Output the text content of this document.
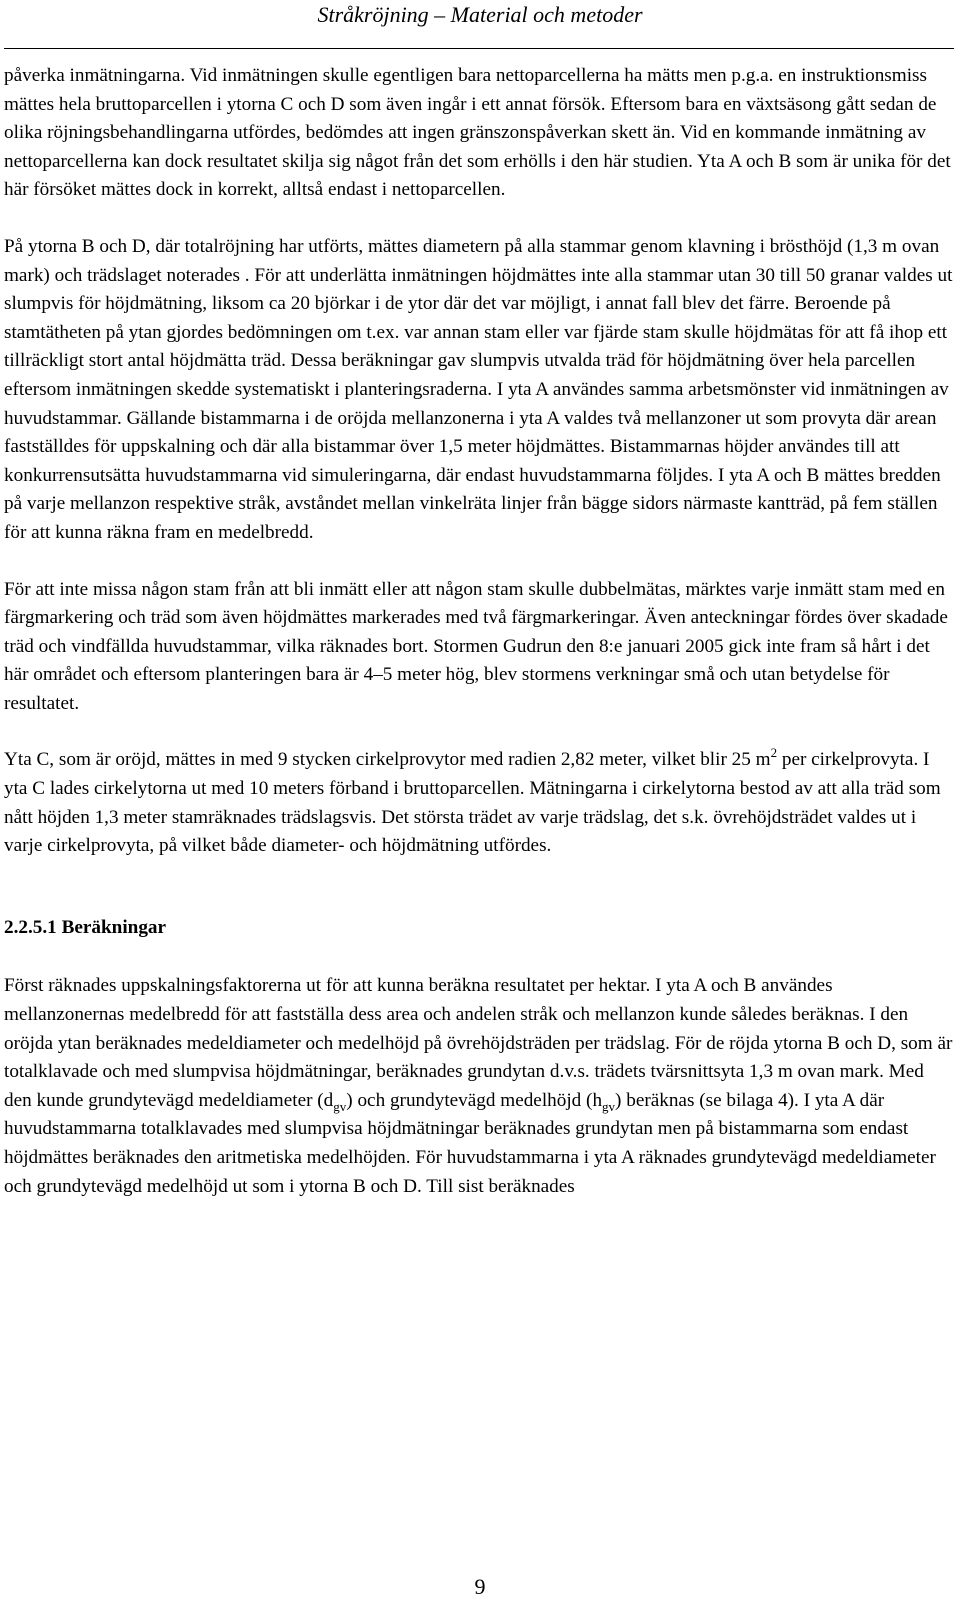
Stråkröjning – Material och metoder

påverka inmätningarna. Vid inmätningen skulle egentligen bara nettoparcellerna ha mätts men p.g.a. en instruktionsmiss mättes hela bruttoparcellen i ytorna C och D som även ingår i ett annat försök. Eftersom bara en växtsäsong gått sedan de olika röjningsbehandlingarna utfördes, bedömdes att ingen gränszonspåverkan skett än. Vid en kommande inmätning av nettoparcellerna kan dock resultatet skilja sig något från det som erhölls i den här studien. Yta A och B som är unika för det här försöket mättes dock in korrekt, alltså endast i nettoparcellen.

På ytorna B och D, där totalröjning har utförts, mättes diametern på alla stammar genom klavning i brösthöjd (1,3 m ovan mark) och trädslaget noterades . För att underlätta inmätningen höjdmättes inte alla stammar utan 30 till 50 granar valdes ut slumpvis för höjdmätning, liksom ca 20 björkar i de ytor där det var möjligt, i annat fall blev det färre. Beroende på stamtätheten på ytan gjordes bedömningen om t.ex. var annan stam eller var fjärde stam skulle höjdmätas för att få ihop ett tillräckligt stort antal höjdmätta träd. Dessa beräkningar gav slumpvis utvalda träd för höjdmätning över hela parcellen eftersom inmätningen skedde systematiskt i planteringsraderna. I yta A användes samma arbetsmönster vid inmätningen av huvudstammar. Gällande bistammarna i de oröjda mellanzonerna i yta A valdes två mellanzoner ut som provyta där arean fastställdes för uppskalning och där alla bistammar över 1,5 meter höjdmättes. Bistammarnas höjder användes till att konkurrensutsätta huvudstammarna vid simuleringarna, där endast huvudstammarna följdes. I yta A och B mättes bredden på varje mellanzon respektive stråk, avståndet mellan vinkelräta linjer från bägge sidors närmaste kantträd, på fem ställen för att kunna räkna fram en medelbredd.

För att inte missa någon stam från att bli inmätt eller att någon stam skulle dubbelmätas, märktes varje inmätt stam med en färgmarkering och träd som även höjdmättes markerades med två färgmarkeringar. Även anteckningar fördes över skadade träd och vindfällda huvudstammar, vilka räknades bort. Stormen Gudrun den 8:e januari 2005 gick inte fram så hårt i det här området och eftersom planteringen bara är 4–5 meter hög, blev stormens verkningar små och utan betydelse för resultatet.

Yta C, som är oröjd, mättes in med 9 stycken cirkelprovytor med radien 2,82 meter, vilket blir 25 $m^2$ per cirkelprovyta. I yta C lades cirkelytorna ut med 10 meters förband i bruttoparcellen. Mätningarna i cirkelytorna bestod av att alla träd som nått höjden 1,3 meter stamräknades trädslagsvis. Det största trädet av varje trädslag, det s.k. övrehöjdsträdet valdes ut i varje cirkelprovyta, på vilket både diameter- och höjdmätning utfördes.

2.2.5.1 Beräkningar

Först räknades uppskalningsfaktorerna ut för att kunna beräkna resultatet per hektar. I yta A och B användes mellanzonernas medelbredd för att fastställa dess area och andelen stråk och mellanzon kunde således beräknas. I den oröjda ytan beräknades medeldiameter och medelhöjd på övrehöjdsträden per trädslag. För de röjda ytorna B och D, som är totalklavade och med slumpvisa höjdmätningar, beräknades grundytan d.v.s. trädets tvärsnittsyta 1,3 m ovan mark. Med den kunde grundytevägd medeldiameter $(d_{gv})$ och grundytevägd medelhöjd $(h_{gv})$ beräknas (se bilaga 4). I yta A där huvudstammarna totalklavades med slumpvisa höjdmätningar beräknades grundytan men på bistammarna som endast höjdmättes beräknades den aritmetiska medelhöjden. För huvudstammarna i yta A räknades grundytevägd medeldiameter och grundytevägd medelhöjd ut som i ytorna B och D. Till sist beräknades

9
